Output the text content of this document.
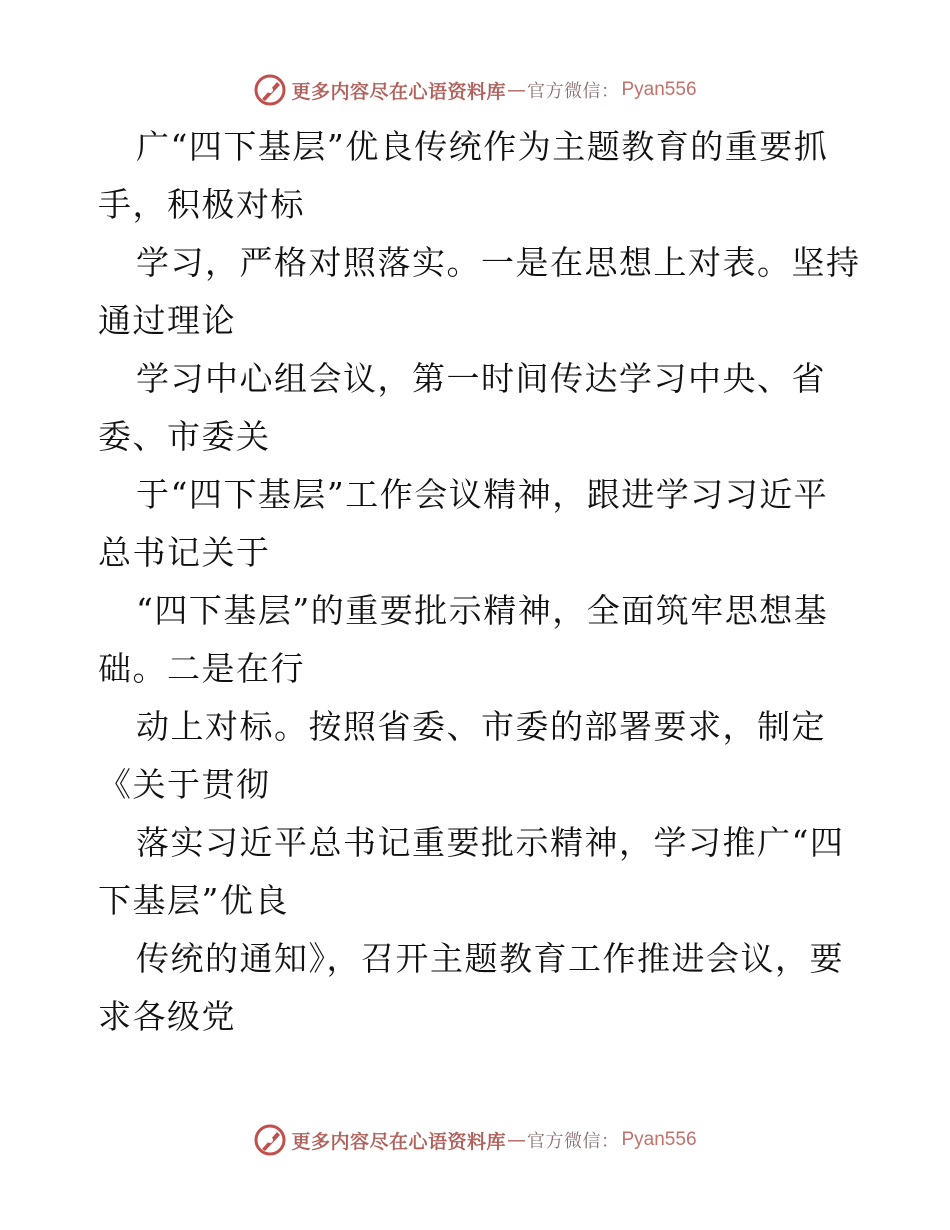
更多内容尽在心语资料库 — 官方微信： Pyan556
广“四下基层”优良传统作为主题教育的重要抓
手，积极对标
学习，严格对照落实。一是在思想上对表。坚持
通过理论
学习中心组会议，第一时间传达学习中央、省
委、市委关
于“四下基层”工作会议精神，跟进学习习近平
总书记关于
“四下基层”的重要批示精神，全面筑牢思想基
础。二是在行
动上对标。按照省委、市委的部署要求，制定
《关于贯彻
落实习近平总书记重要批示精神，学习推广“四
下基层”优良
传统的通知》，召开主题教育工作推进会议，要
求各级党
更多内容尽在心语资料库 — 官方微信： Pyan556
